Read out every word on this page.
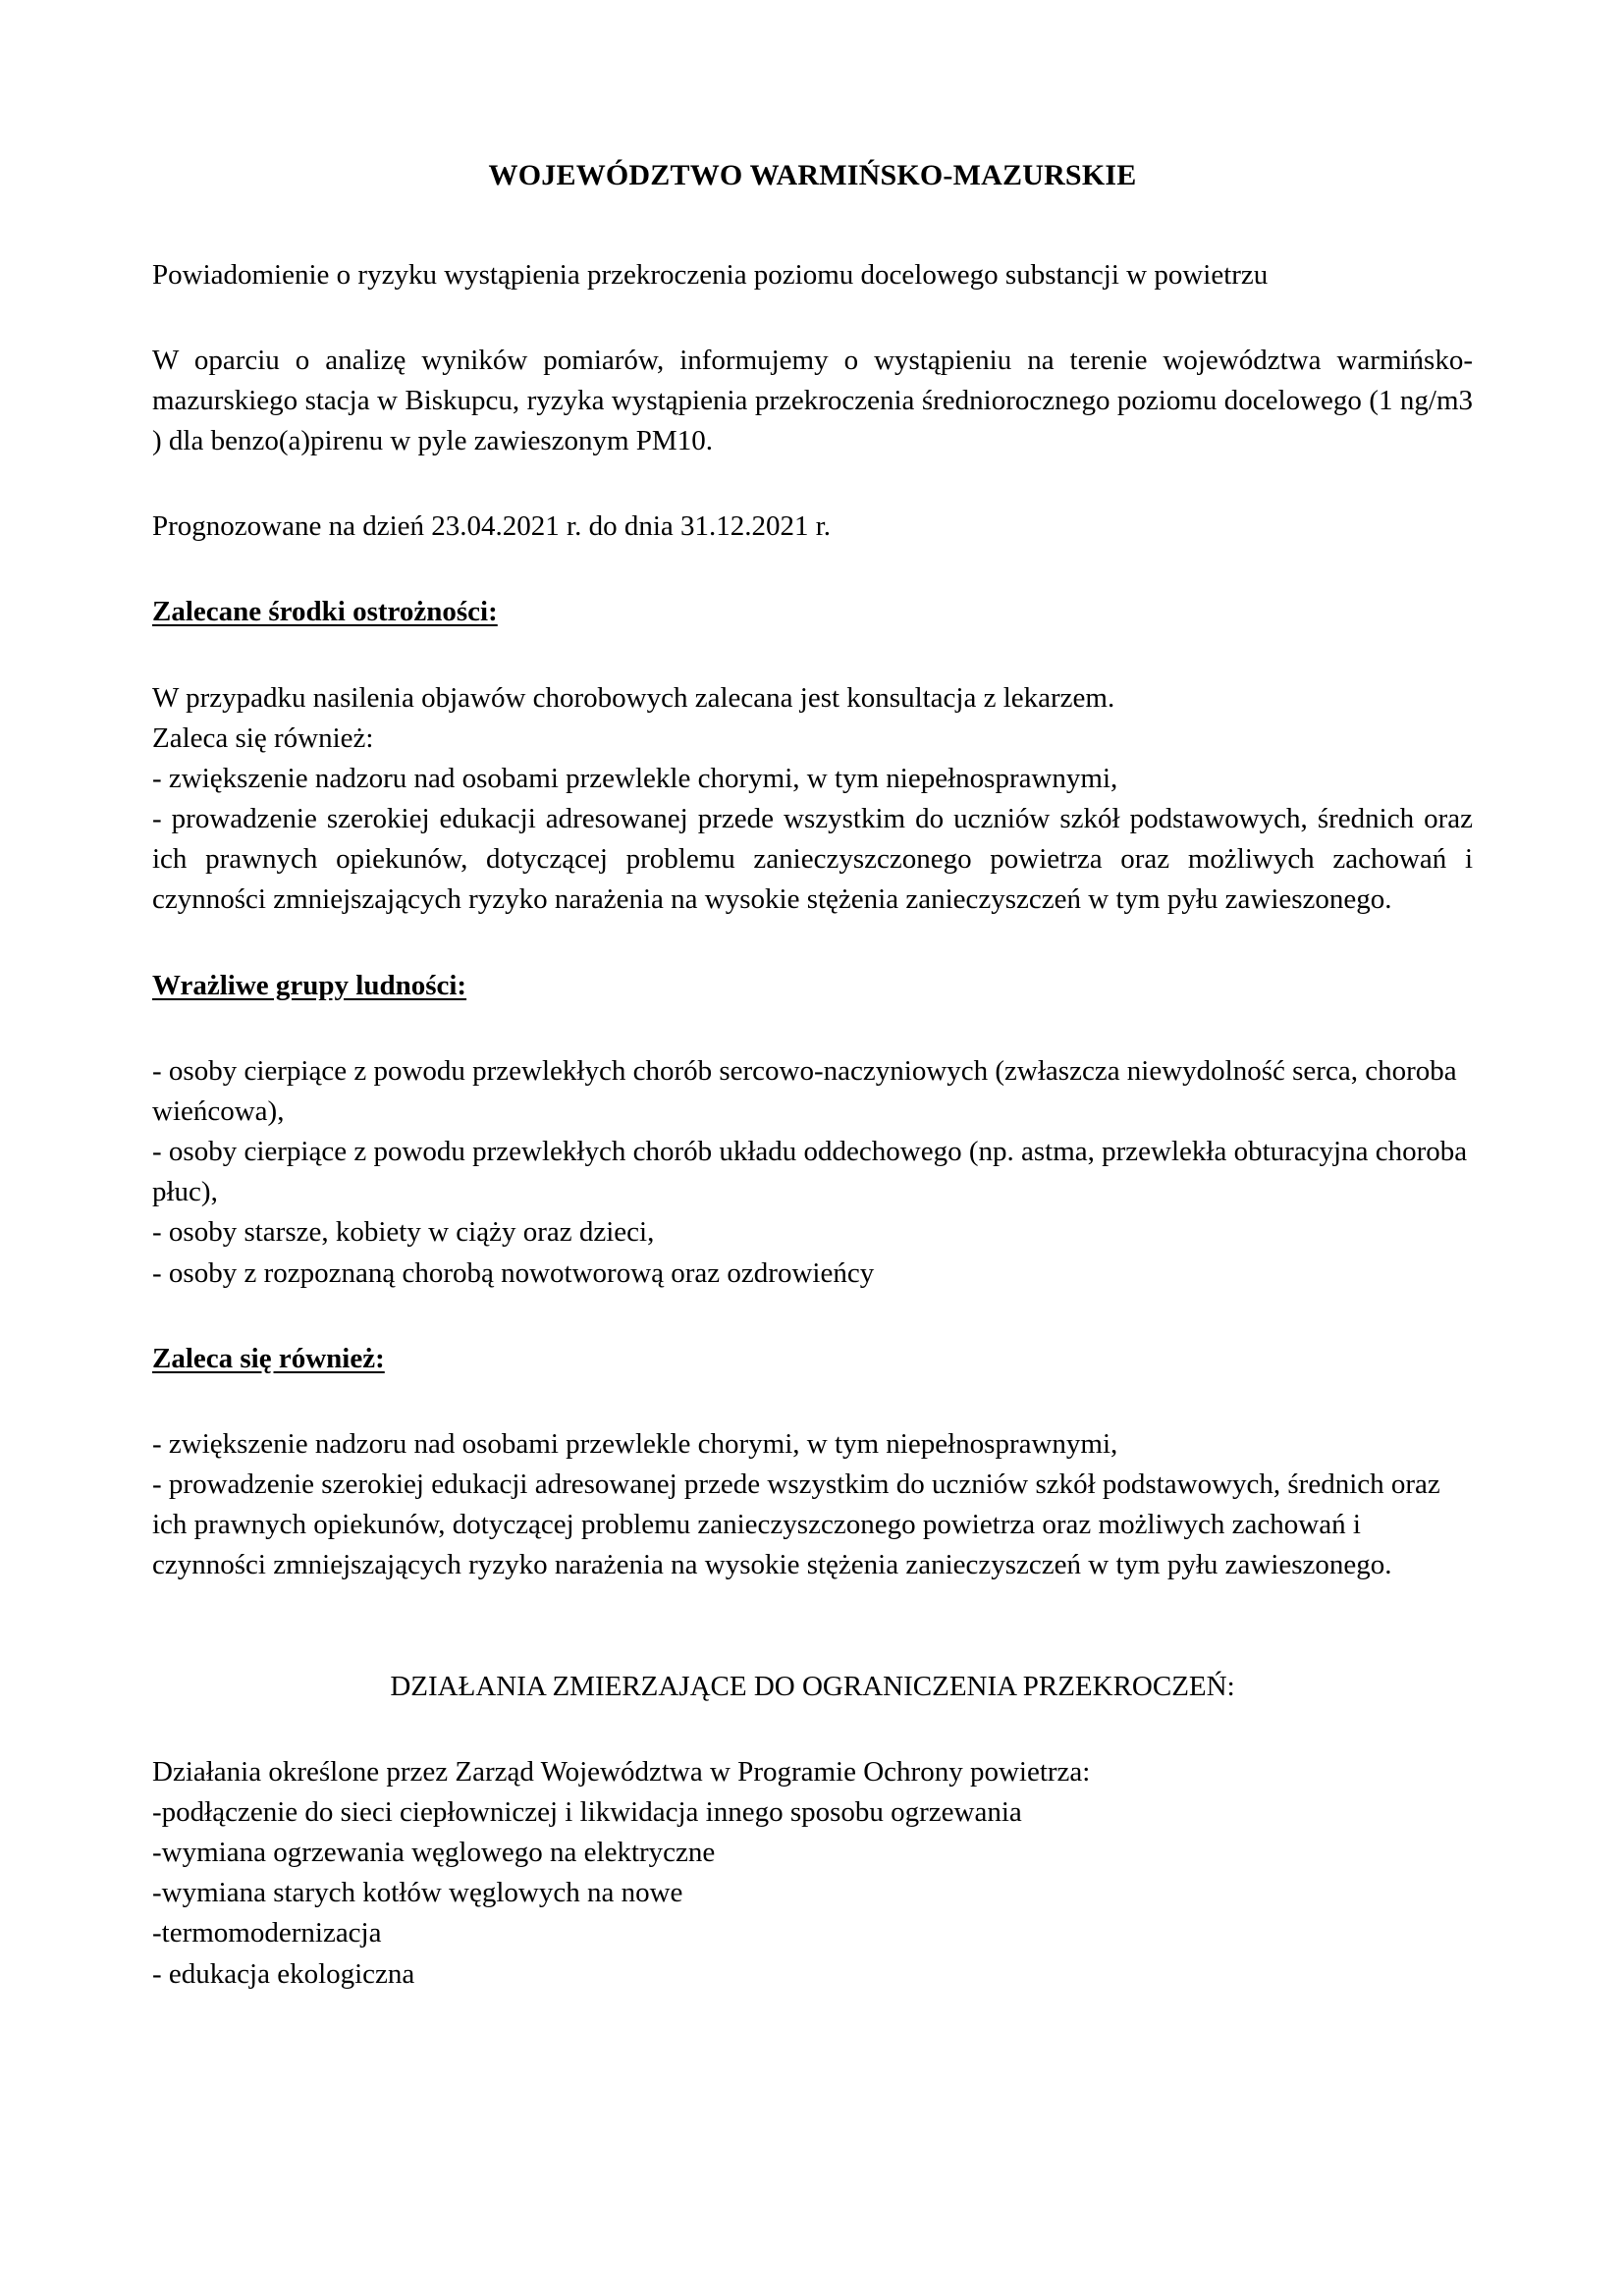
WOJEWÓDZTWO WARMIŃSKO-MAZURSKIE

Powiadomienie o ryzyku wystąpienia przekroczenia poziomu docelowego substancji w powietrzu

W oparciu o analizę wyników pomiarów, informujemy o wystąpieniu na terenie województwa warmińsko-mazurskiego stacja w Biskupcu, ryzyka wystąpienia przekroczenia średniorocznego poziomu docelowego (1 ng/m3 ) dla benzo(a)pirenu w pyle zawieszonym PM10.

Prognozowane na dzień 23.04.2021 r. do dnia 31.12.2021 r.

Zalecane środki ostrożności:

W przypadku nasilenia objawów chorobowych zalecana jest konsultacja z lekarzem.
Zaleca się również:
- zwiększenie nadzoru nad osobami przewlekle chorymi, w tym niepełnosprawnymi,
- prowadzenie szerokiej edukacji adresowanej przede wszystkim do uczniów szkół podstawowych, średnich oraz ich prawnych opiekunów, dotyczącej problemu zanieczyszczonego powietrza oraz możliwych zachowań i czynności zmniejszających ryzyko narażenia na wysokie stężenia zanieczyszczeń w tym pyłu zawieszonego.

Wrażliwe grupy ludności:

- osoby cierpiące z powodu przewlekłych chorób sercowo-naczyniowych (zwłaszcza niewydolność serca, choroba wieńcowa),
- osoby cierpiące z powodu przewlekłych chorób układu oddechowego (np. astma, przewlekła obturacyjna choroba płuc),
- osoby starsze, kobiety w ciąży oraz dzieci,
- osoby z rozpoznaną chorobą nowotworową oraz ozdrowieńcy

Zaleca się również:

- zwiększenie nadzoru nad osobami przewlekle chorymi, w tym niepełnosprawnymi,
- prowadzenie szerokiej edukacji adresowanej przede wszystkim do uczniów szkół podstawowych, średnich oraz ich prawnych opiekunów, dotyczącej problemu zanieczyszczonego powietrza oraz możliwych zachowań i czynności zmniejszających ryzyko narażenia na wysokie stężenia zanieczyszczeń w tym pyłu zawieszonego.

DZIAŁANIA ZMIERZAJĄCE DO OGRANICZENIA PRZEKROCZEŃ:

Działania określone przez Zarząd Województwa w Programie Ochrony powietrza:
-podłączenie do sieci ciepłowniczej i likwidacja innego sposobu ogrzewania
-wymiana ogrzewania węglowego na elektryczne
-wymiana starych kotłów węglowych na nowe
-termomodernizacja
- edukacja ekologiczna
